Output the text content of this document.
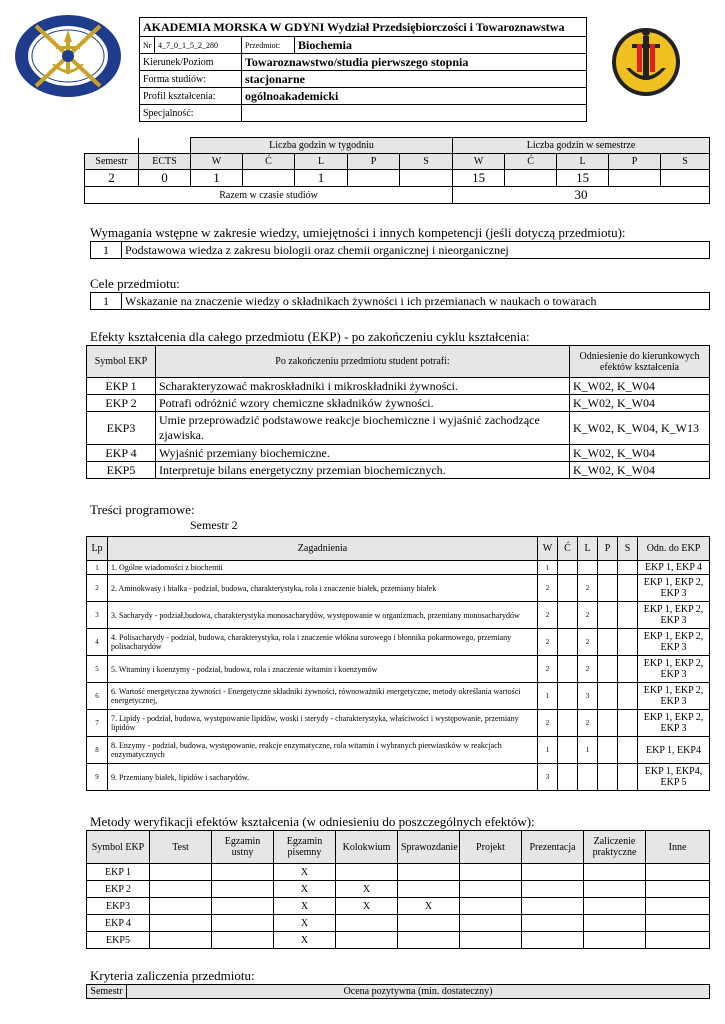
AKADEMIA MORSKA W GDYNI Wydział Przedsiębiorczości i Towaroznawstwa			
Nr	4_7_0_1_5_2_280	Przedmiot:	Biochemia
Kierunek/Poziom		Towaroznawstwo/studia pierwszego stopnia	
Forma studiów:		stacjonarne	
Profil kształcenia:		ogólnoakademicki	
Specjalność:			
		Liczba godzin w tygodniu					Liczba godzin w semestrze				
Semestr	ECTS	W	Ć	L	P	S	W	Ć	L	P	S
2	0	1		1			15		15		
Razem w czasie studiów							30				
Wymagania wstępne w zakresie wiedzy, umiejętności i innych kompetencji (jeśli dotyczą przedmiotu):
1	Podstawowa wiedza z zakresu biologii oraz chemii organicznej i nieorganicznej
Cele przedmiotu:
1	Wskazanie na znaczenie wiedzy o składnikach żywności i ich przemianach w naukach o towarach
Efekty kształcenia dla całego przedmiotu (EKP) - po zakończeniu cyklu kształcenia:
Symbol EKP	Po zakończeniu przedmiotu student potrafi:	Odniesienie do kierunkowych efektów kształcenia
EKP 1	Scharakteryzować makroskładniki i mikroskładniki żywności.	K_W02, K_W04
EKP 2	Potrafi odróżnić wzory chemiczne składników żywności.	K_W02, K_W04
EKP3	Umie przeprowadzić podstawowe reakcje biochemiczne i wyjaśnić zachodzące zjawiska.	K_W02, K_W04, K_W13
EKP 4	Wyjaśnić przemiany biochemiczne.	K_W02, K_W04
EKP5	Interpretuje bilans energetyczny przemian biochemicznych.	K_W02, K_W04
Treści programowe:
Semestr 2
Lp	Zagadnienia	W	Ć	L	P	S	Odn. do EKP
1	1. Ogólne wiadomości z biochemii	1					EKP 1, EKP 4
2	2. Aminokwasy i białka - podział, budowa, charakterystyka, rola i znaczenie białek, przemiany białek	2		2			EKP 1, EKP 2, EKP 3
3	3. Sacharydy - podział,budowa, charakterystyka monosacharydów, występowanie w organizmach, przemiany monosacharydów	2		2			EKP 1, EKP 2, EKP 3
4	4. Polisacharydy - podział, budowa, charakterystyka, rola i znaczenie włókna surowego i błonnika pokarmowego, przemiany polisacharydów	2		2			EKP 1, EKP 2, EKP 3
5	5. Witaminy i koenzymy - podział, budowa, rola i znaczenie witamin i koenzymów	2		2			EKP 1, EKP 2, EKP 3
6	6. Wartość energetyczna żywności - Energetyczne składniki żywności, równoważniki energetyczne, metody określania wartości energetycznej,	1		3			EKP 1, EKP 2, EKP 3
7	7. Lipidy - podział, budowa, występowanie lipidów, woski i sterydy - charakterystyka, właściwości i występowanie, przemiany lipidów	2		2			EKP 1, EKP 2, EKP 3
8	8. Enzymy - podział, budowa, występowanie, reakcje enzymatyczne, rola witamin i wybranych pierwiastków w reakcjach enzymatycznych	1		1			EKP 1, EKP4
9	9. Przemiany białek, lipidów i sacharydów.	3					EKP 1, EKP4, EKP 5
Metody weryfikacji efektów kształcenia (w odniesieniu do poszczególnych efektów):
Symbol EKP	Test	Egzamin ustny	Egzamin pisemny	Kolokwium	Sprawozdanie	Projekt	Prezentacja	Zaliczenie praktyczne	Inne
EKP 1			X						
EKP 2			X	X					
EKP3			X	X	X				
EKP 4			X						
EKP5			X						
Kryteria zaliczenia przedmiotu:
Semestr	Ocena pozytywna (min. dostateczny)
